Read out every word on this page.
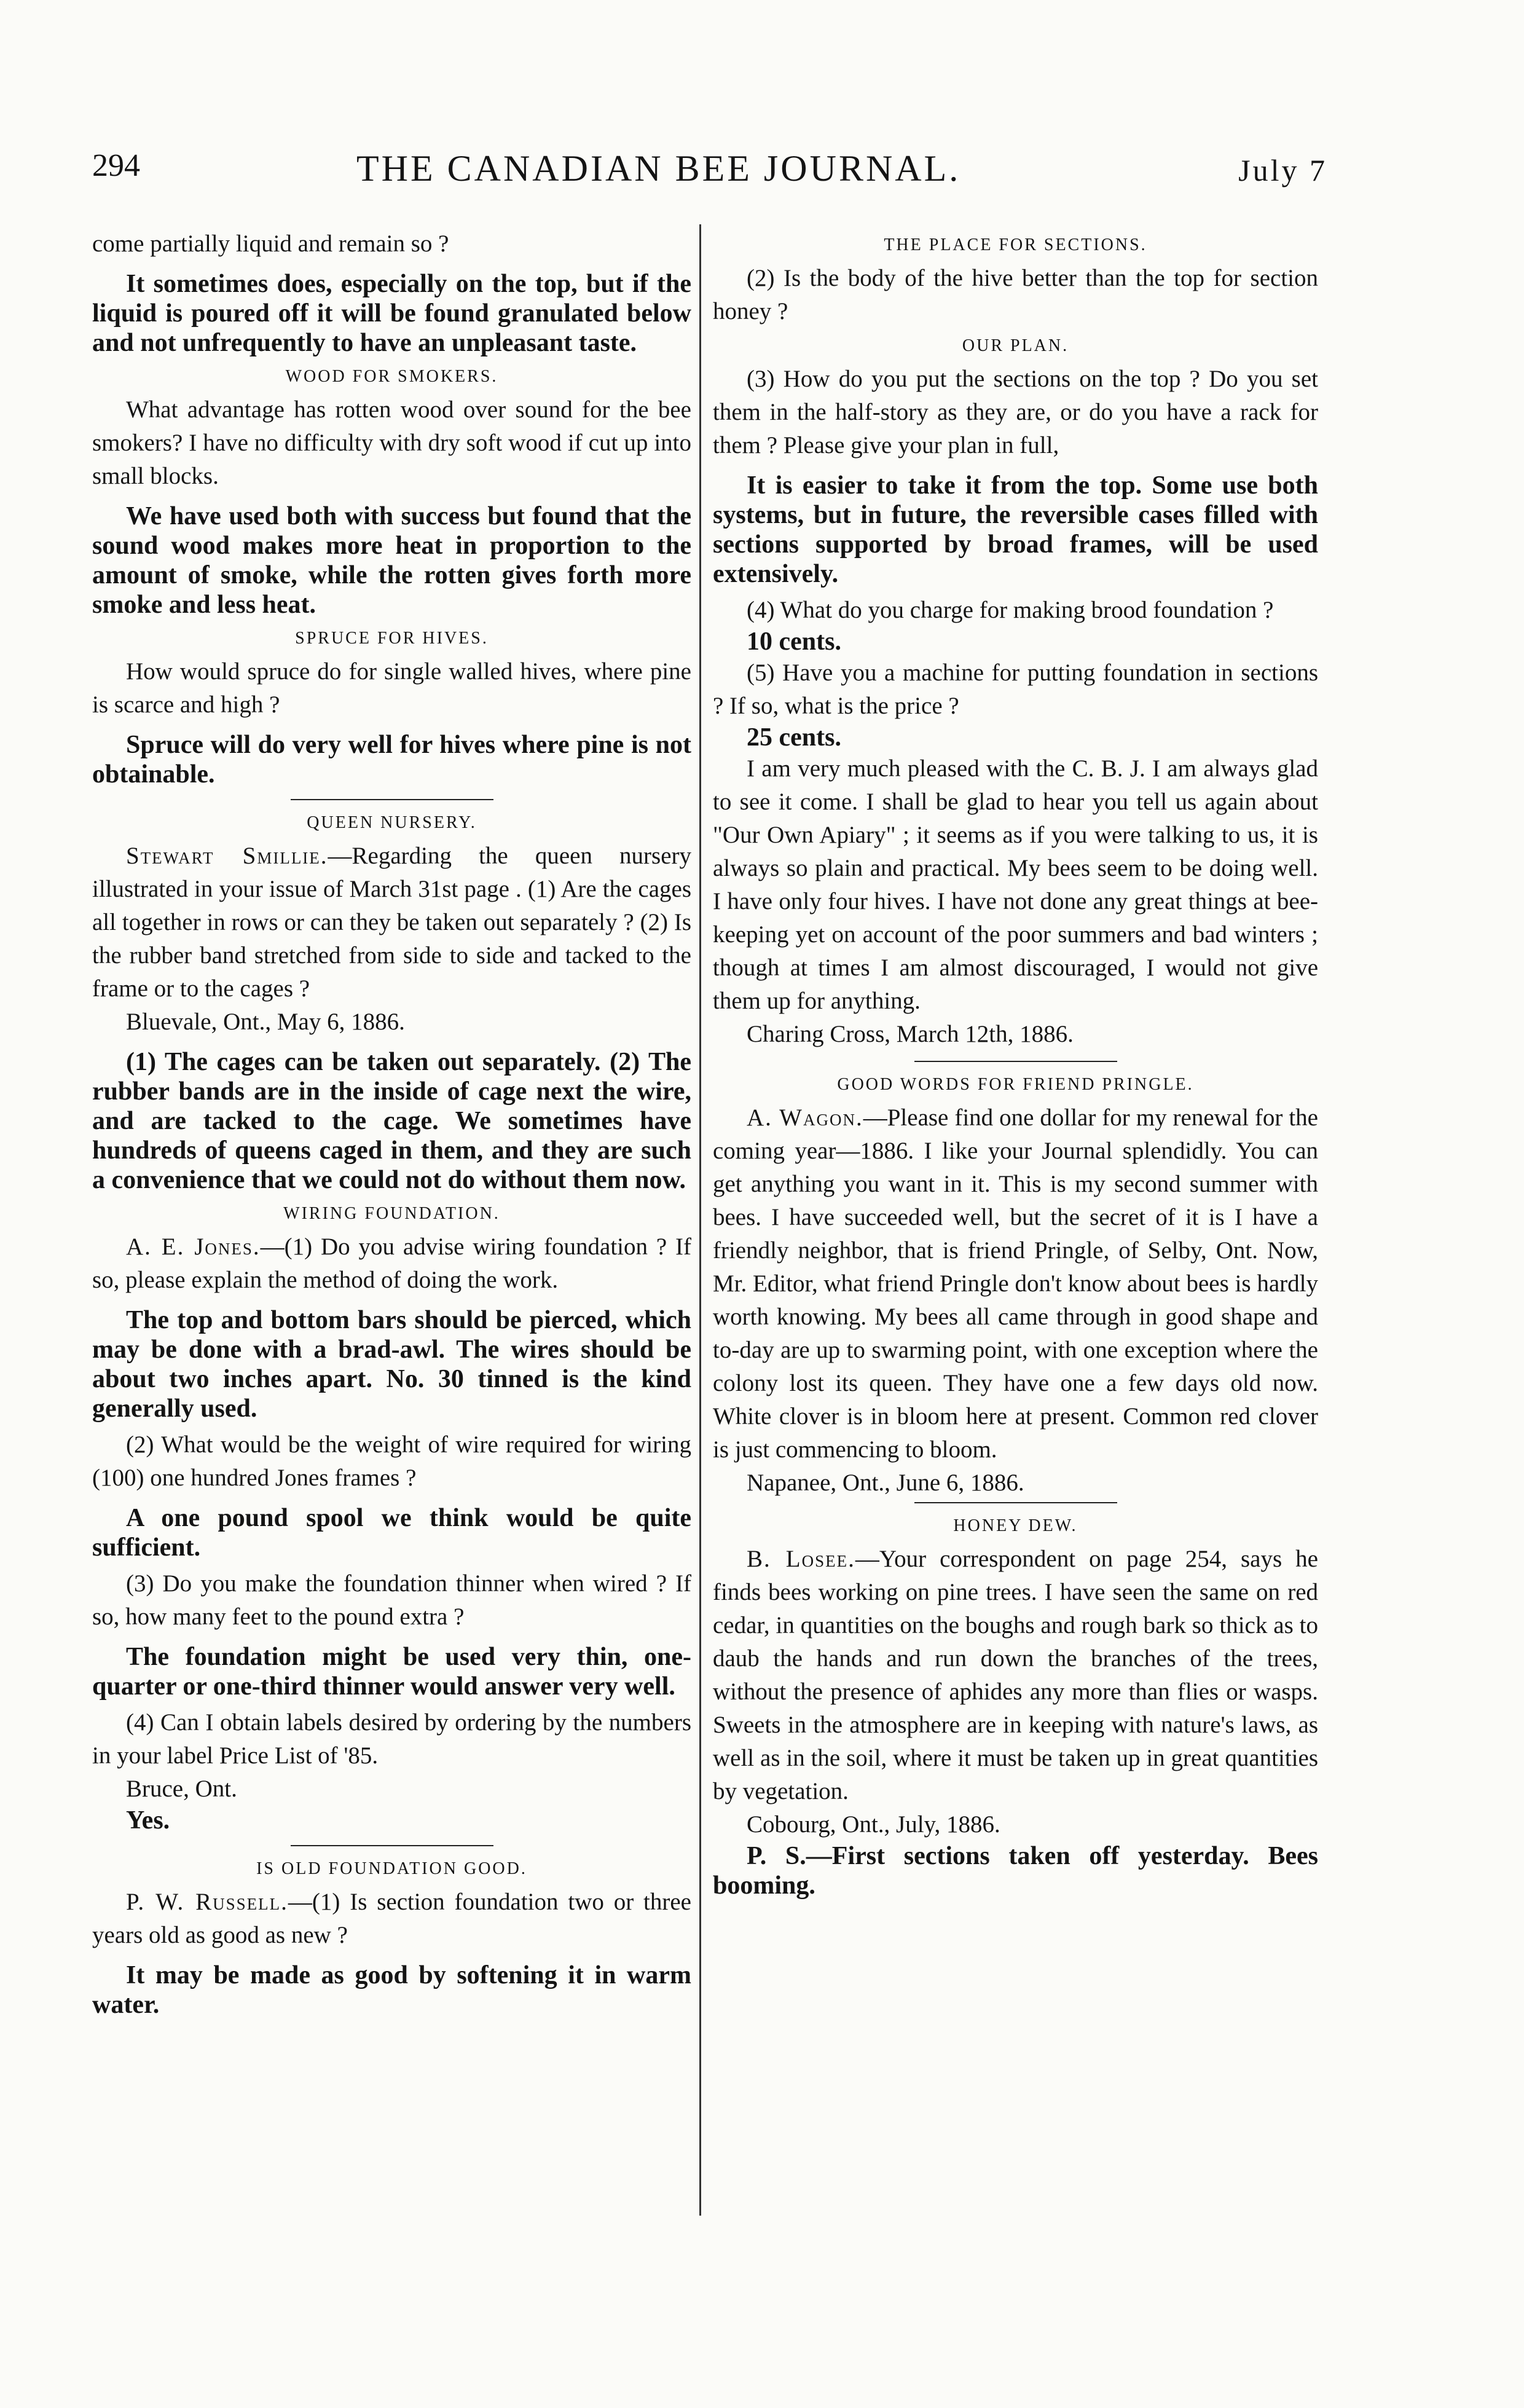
294	THE CANADIAN BEE JOURNAL.	July 7

come partially liquid and remain so ?

It sometimes does, especially on the top, but if the liquid is poured off it will be found granulated below and not unfrequently to have an unpleasant taste.

WOOD FOR SMOKERS.

What advantage has rotten wood over sound for the bee smokers? I have no difficulty with dry soft wood if cut up into small blocks.

We have used both with success but found that the sound wood makes more heat in proportion to the amount of smoke, while the rotten gives forth more smoke and less heat.

SPRUCE FOR HIVES.

How would spruce do for single walled hives, where pine is scarce and high ?

Spruce will do very well for hives where pine is not obtainable.

QUEEN NURSERY.

Stewart Smillie.—Regarding the queen nursery illustrated in your issue of March 31st page . (1) Are the cages all together in rows or can they be taken out separately ? (2) Is the rubber band stretched from side to side and tacked to the frame or to the cages ?

Bluevale, Ont., May 6, 1886.

(1) The cages can be taken out separately. (2) The rubber bands are in the inside of cage next the wire, and are tacked to the cage. We sometimes have hundreds of queens caged in them, and they are such a convenience that we could not do without them now.

WIRING FOUNDATION.

A. E. Jones.—(1) Do you advise wiring foundation ? If so, please explain the method of doing the work.

The top and bottom bars should be pierced, which may be done with a brad-awl. The wires should be about two inches apart. No. 30 tinned is the kind generally used.

(2) What would be the weight of wire required for wiring (100) one hundred Jones frames ?

A one pound spool we think would be quite sufficient.

(3) Do you make the foundation thinner when wired ? If so, how many feet to the pound extra ?

The foundation might be used very thin, one-quarter or one-third thinner would answer very well.

(4) Can I obtain labels desired by ordering by the numbers in your label Price List of '85.

Bruce, Ont.

Yes.

IS OLD FOUNDATION GOOD.

P. W. Russell.—(1) Is section foundation two or three years old as good as new ?

It may be made as good by softening it in warm water.

THE PLACE FOR SECTIONS.

(2) Is the body of the hive better than the top for section honey ?

OUR PLAN.

(3) How do you put the sections on the top ? Do you set them in the half-story as they are, or do you have a rack for them ? Please give your plan in full,

It is easier to take it from the top. Some use both systems, but in future, the reversible cases filled with sections supported by broad frames, will be used extensively.

(4) What do you charge for making brood foundation ?

10 cents.

(5) Have you a machine for putting foundation in sections ? If so, what is the price ?

25 cents.

I am very much pleased with the C. B. J. I am always glad to see it come. I shall be glad to hear you tell us again about "Our Own Apiary" ; it seems as if you were talking to us, it is always so plain and practical. My bees seem to be doing well. I have only four hives. I have not done any great things at bee-keeping yet on account of the poor summers and bad winters ; though at times I am almost discouraged, I would not give them up for anything.

Charing Cross, March 12th, 1886.

GOOD WORDS FOR FRIEND PRINGLE.

A. Wagon.—Please find one dollar for my renewal for the coming year—1886. I like your Journal splendidly. You can get anything you want in it. This is my second summer with bees. I have succeeded well, but the secret of it is I have a friendly neighbor, that is friend Pringle, of Selby, Ont. Now, Mr. Editor, what friend Pringle don't know about bees is hardly worth knowing. My bees all came through in good shape and to-day are up to swarming point, with one exception where the colony lost its queen. They have one a few days old now. White clover is in bloom here at present. Common red clover is just commencing to bloom.

Napanee, Ont., June 6, 1886.

HONEY DEW.

B. Losee.—Your correspondent on page 254, says he finds bees working on pine trees. I have seen the same on red cedar, in quantities on the boughs and rough bark so thick as to daub the hands and run down the branches of the trees, without the presence of aphides any more than flies or wasps. Sweets in the atmosphere are in keeping with nature's laws, as well as in the soil, where it must be taken up in great quantities by vegetation.

Cobourg, Ont., July, 1886.

P. S.—First sections taken off yesterday. Bees booming.
